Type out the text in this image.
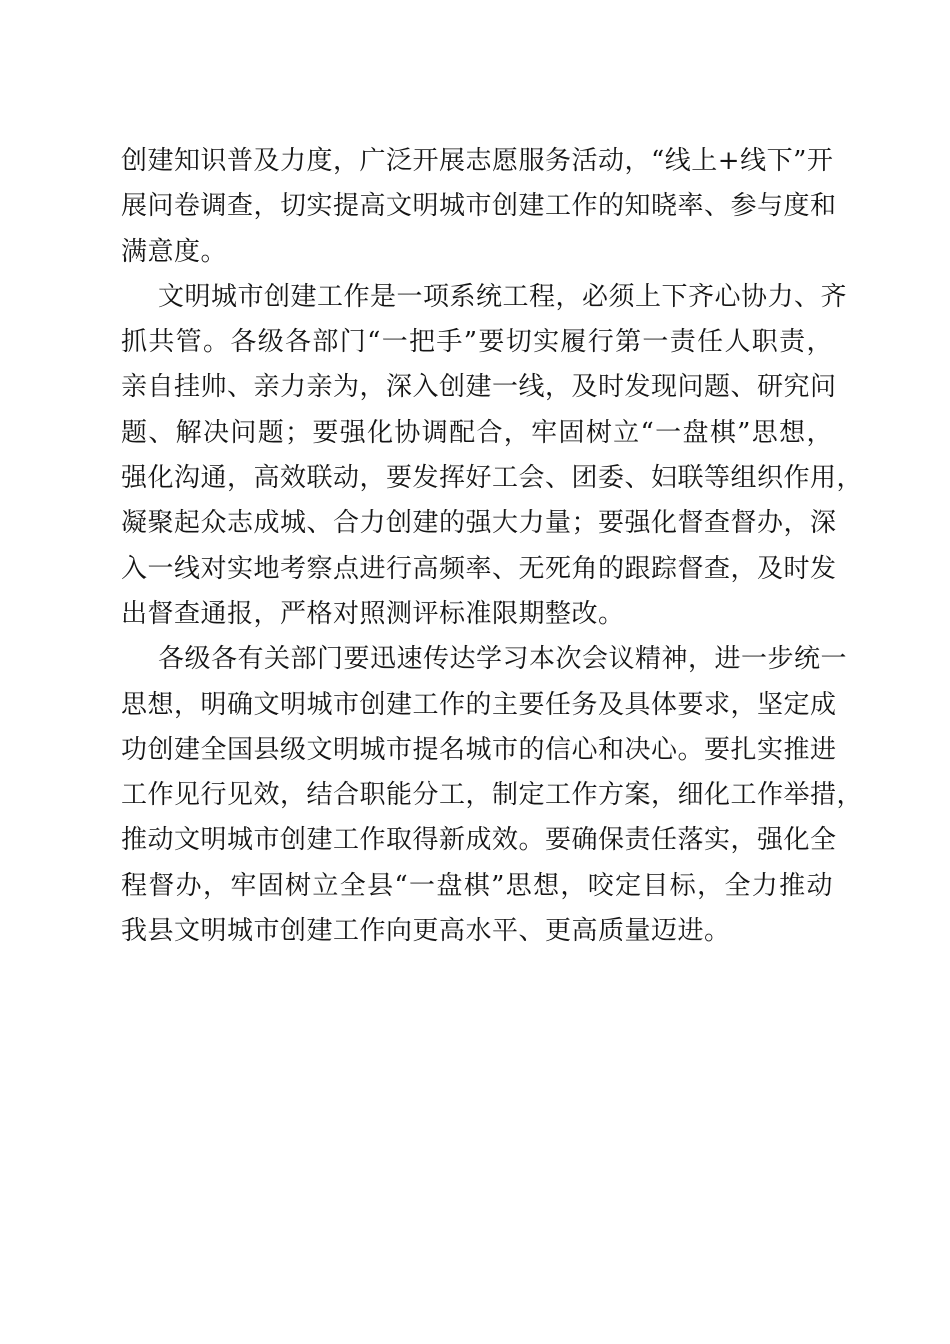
创建知识普及力度，广泛开展志愿服务活动，“线上+线下”开
展问卷调查，切实提高文明城市创建工作的知晓率、参与度和
满意度。
文明城市创建工作是一项系统工程，必须上下齐心协力、齐
抓共管。各级各部门“一把手”要切实履行第一责任人职责，
亲自挂帅、亲力亲为，深入创建一线，及时发现问题、研究问
题、解决问题；要强化协调配合，牢固树立“一盘棋”思想，
强化沟通，高效联动，要发挥好工会、团委、妇联等组织作用，
凝聚起众志成城、合力创建的强大力量；要强化督查督办，深
入一线对实地考察点进行高频率、无死角的跟踪督查，及时发
出督查通报，严格对照测评标准限期整改。
各级各有关部门要迅速传达学习本次会议精神，进一步统一
思想，明确文明城市创建工作的主要任务及具体要求，坚定成
功创建全国县级文明城市提名城市的信心和决心。要扎实推进
工作见行见效，结合职能分工，制定工作方案，细化工作举措，
推动文明城市创建工作取得新成效。要确保责任落实，强化全
程督办，牢固树立全县“一盘棋”思想，咬定目标，全力推动
我县文明城市创建工作向更高水平、更高质量迈进。
